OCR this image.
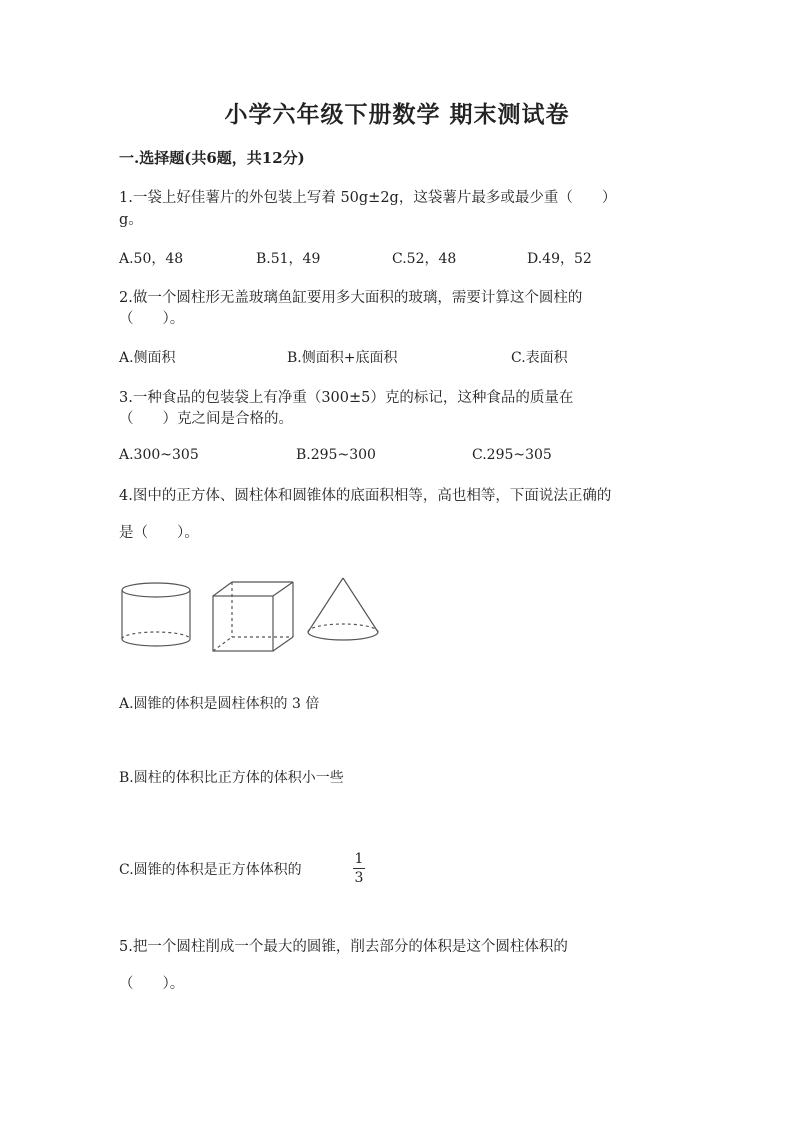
小学六年级下册数学 期末测试卷
一.选择题(共6题，共12分)
1.一袋上好佳薯片的外包装上写着 50g±2g，这袋薯片最多或最少重（　　）
g。
A.50，48	B.51，49	C.52，48	D.49，52
2.做一个圆柱形无盖玻璃鱼缸要用多大面积的玻璃，需要计算这个圆柱的
（　　）。
A.侧面积	B.侧面积+底面积	C.表面积
3.一种食品的包装袋上有净重（300±5）克的标记，这种食品的质量在
（　　）克之间是合格的。
A.300~305	B.295~300	C.295~305
4.图中的正方体、圆柱体和圆锥体的底面积相等，高也相等，下面说法正确的
是（　　）。
A.圆锥的体积是圆柱体积的 3 倍
B.圆柱的体积比正方体的体积小一些
C.圆锥的体积是正方体体积的
1
3
5.把一个圆柱削成一个最大的圆锥，削去部分的体积是这个圆柱体积的
（　　）。
